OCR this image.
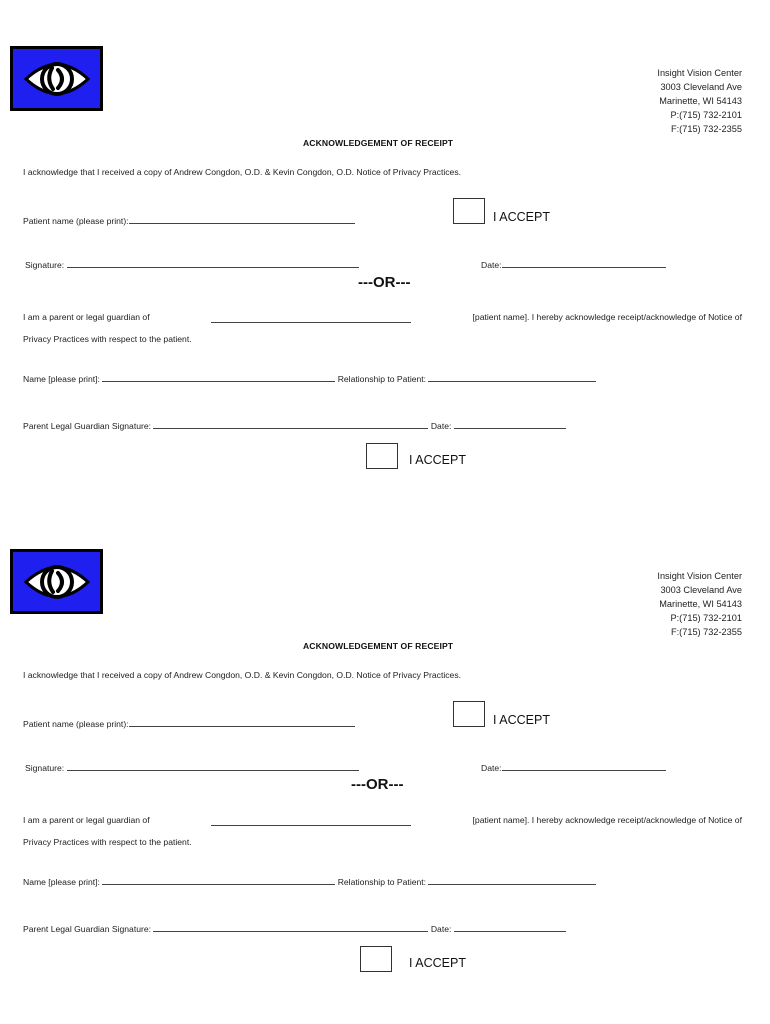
Insight Vision Center
3003 Cleveland Ave
Marinette, WI 54143
P:(715) 732-2101
F:(715) 732-2355
ACKNOWLEDGEMENT OF RECEIPT
I acknowledge that I received a copy of Andrew Congdon, O.D. & Kevin Congdon, O.D. Notice of Privacy Practices.
Patient name (please print):	I ACCEPT
Signature:	Date:
---OR---
I am a parent or legal guardian of	[patient name]. I hereby acknowledge receipt/acknowledge of Notice of
Privacy Practices with respect to the patient.
Name [please print]:	Relationship to Patient:
Parent Legal Guardian Signature:	Date:
I ACCEPT
Insight Vision Center
3003 Cleveland Ave
Marinette, WI 54143
P:(715) 732-2101
F:(715) 732-2355
ACKNOWLEDGEMENT OF RECEIPT
I acknowledge that I received a copy of Andrew Congdon, O.D. & Kevin Congdon, O.D. Notice of Privacy Practices.
Patient name (please print):	I ACCEPT
Signature:	Date:
---OR---
I am a parent or legal guardian of	[patient name]. I hereby acknowledge receipt/acknowledge of Notice of
Privacy Practices with respect to the patient.
Name [please print]:	Relationship to Patient:
Parent Legal Guardian Signature:	Date:
I ACCEPT
